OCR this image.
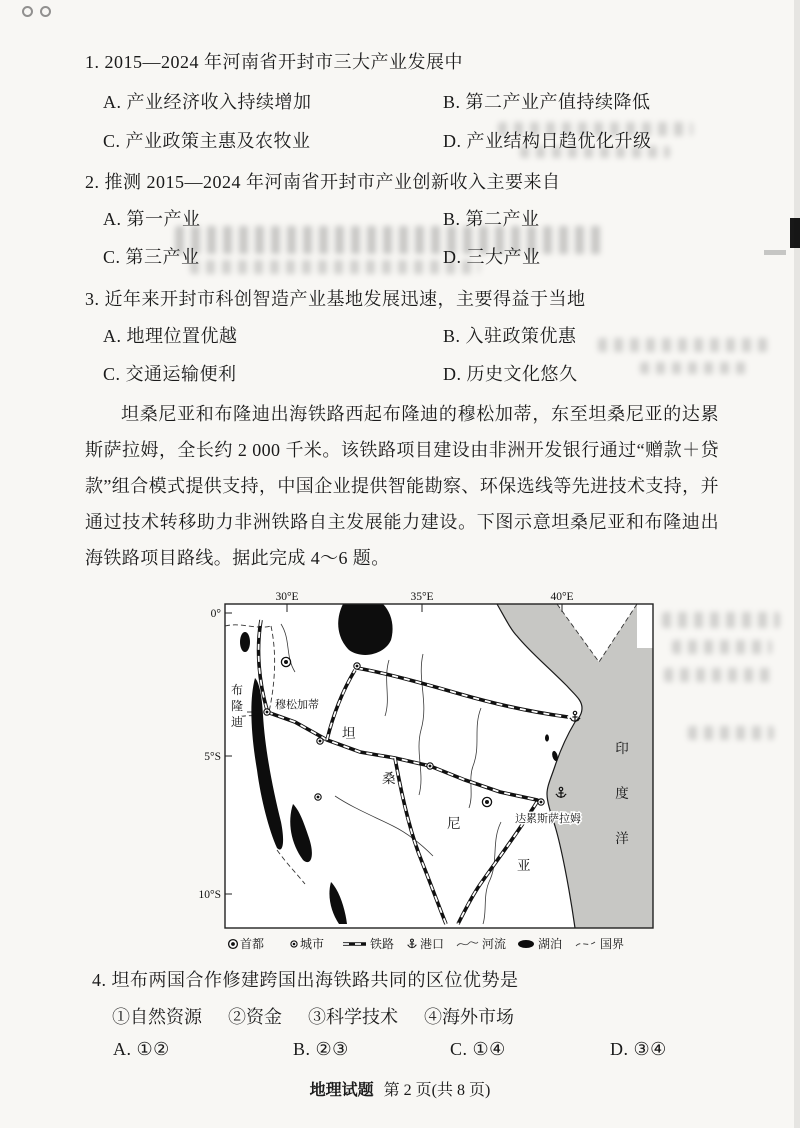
1. 2015—2024 年河南省开封市三大产业发展中
A. 产业经济收入持续增加	B. 第二产业产值持续降低
C. 产业政策主惠及农牧业	D. 产业结构日趋优化升级
2. 推测 2015—2024 年河南省开封市产业创新收入主要来自
A. 第一产业	B. 第二产业
C. 第三产业	D. 三大产业
3. 近年来开封市科创智造产业基地发展迅速，主要得益于当地
A. 地理位置优越	B. 入驻政策优惠
C. 交通运输便利	D. 历史文化悠久
坦桑尼亚和布隆迪出海铁路西起布隆迪的穆松加蒂，东至坦桑尼亚的达累斯萨拉姆，全长约 2 000 千米。该铁路项目建设由非洲开发银行通过“赠款＋贷款”组合模式提供支持，中国企业提供智能勘察、环保选线等先进技术支持，并通过技术转移助力非洲铁路自主发展能力建设。下图示意坦桑尼亚和布隆迪出海铁路项目路线。据此完成 4～6 题。
30°E	35°E	40°E
0°
5°S
10°S
布
隆
迪
穆松加蒂
坦
桑
尼
亚
达累斯萨拉姆
印
度
洋
首都	城市	铁路 港口	河流	湖泊	国界
4. 坦布两国合作修建跨国出海铁路共同的区位优势是
①自然资源 ②资金 ③科学技术 ④海外市场
A. ①②	B. ②③	C. ①④	D. ③④
地理试题 第 2 页(共 8 页)
